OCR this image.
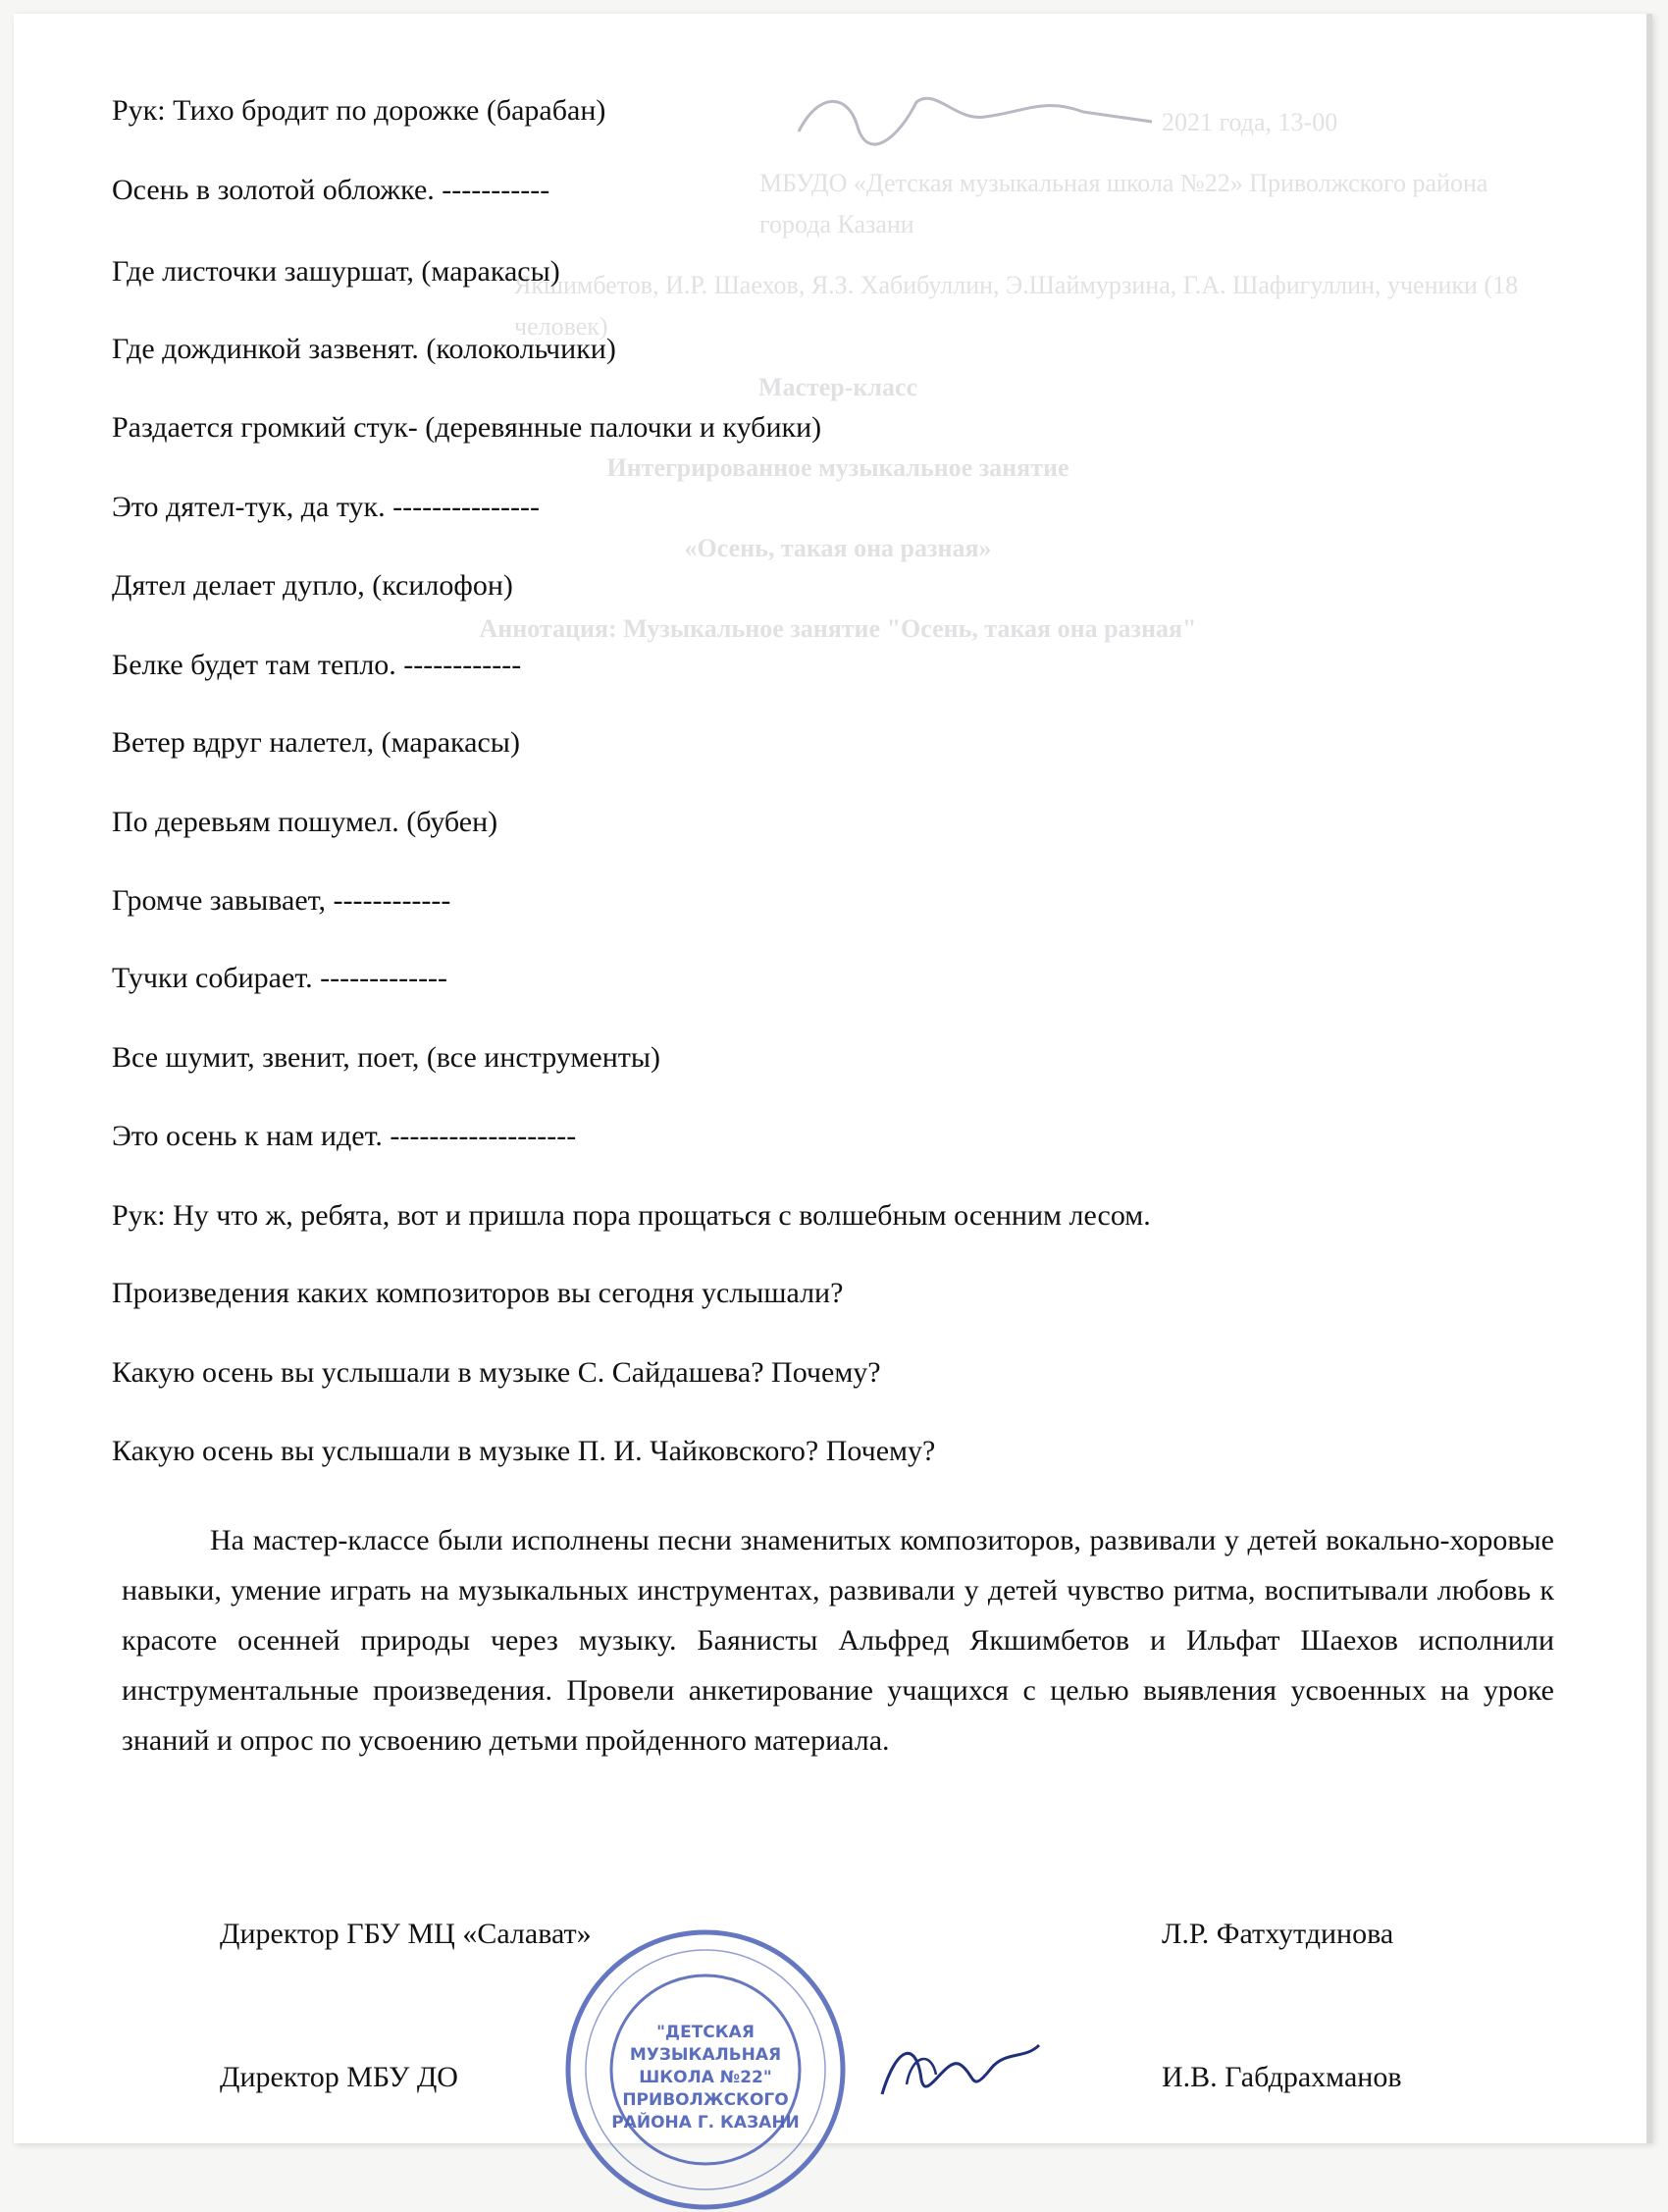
2021 года, 13-00
МБУДО «Детская музыкальная школа №22» Приволжского района города Казани
Якшимбетов, И.Р. Шаехов, Я.З. Хабибуллин, Э.Шаймурзина, Г.А. Шафигуллин, ученики (18 человек)
Мастер-класс
Интегрированное музыкальное занятие
«Осень, такая она разная»
Аннотация: Музыкальное занятие "Осень, такая она разная"
Рук: Тихо бродит по дорожке (барабан)
Осень в золотой обложке. -----------
Где листочки зашуршат, (маракасы)
Где дождинкой зазвенят. (колокольчики)
Раздается громкий стук- (деревянные палочки и кубики)
Это дятел-тук, да тук. ---------------
Дятел делает дупло, (ксилофон)
Белке будет там тепло. ------------
Ветер вдруг налетел, (маракасы)
По деревьям пошумел. (бубен)
Громче завывает, ------------
Тучки собирает. -------------
Все шумит, звенит, поет, (все инструменты)
Это осень к нам идет. -------------------
Рук: Ну что ж, ребята, вот и пришла пора прощаться с волшебным осенним лесом.
Произведения каких композиторов вы сегодня услышали?
Какую осень вы услышали в музыке С. Сайдашева? Почему?
Какую осень вы услышали в музыке П. И. Чайковского? Почему?
На мастер-классе были исполнены песни знаменитых композиторов, развивали у детей вокально-хоровые навыки, умение играть на музыкальных инструментах, развивали у детей чувство ритма, воспитывали любовь к красоте осенней природы через музыку. Баянисты Альфред Якшимбетов и Ильфат Шаехов исполнили инструментальные произведения. Провели анкетирование учащихся с целью выявления усвоенных на уроке знаний и опрос по усвоению детьми пройденного материала.
Директор ГБУ МЦ «Салават»	Л.Р. Фатхутдинова
Директор МБУ ДО	И.В. Габдрахманов
"ДЕТСКАЯ
МУЗЫКАЛЬНАЯ
ШКОЛА №22"
ПРИВОЛЖСКОГО
РАЙОНА Г. КАЗАНИ
